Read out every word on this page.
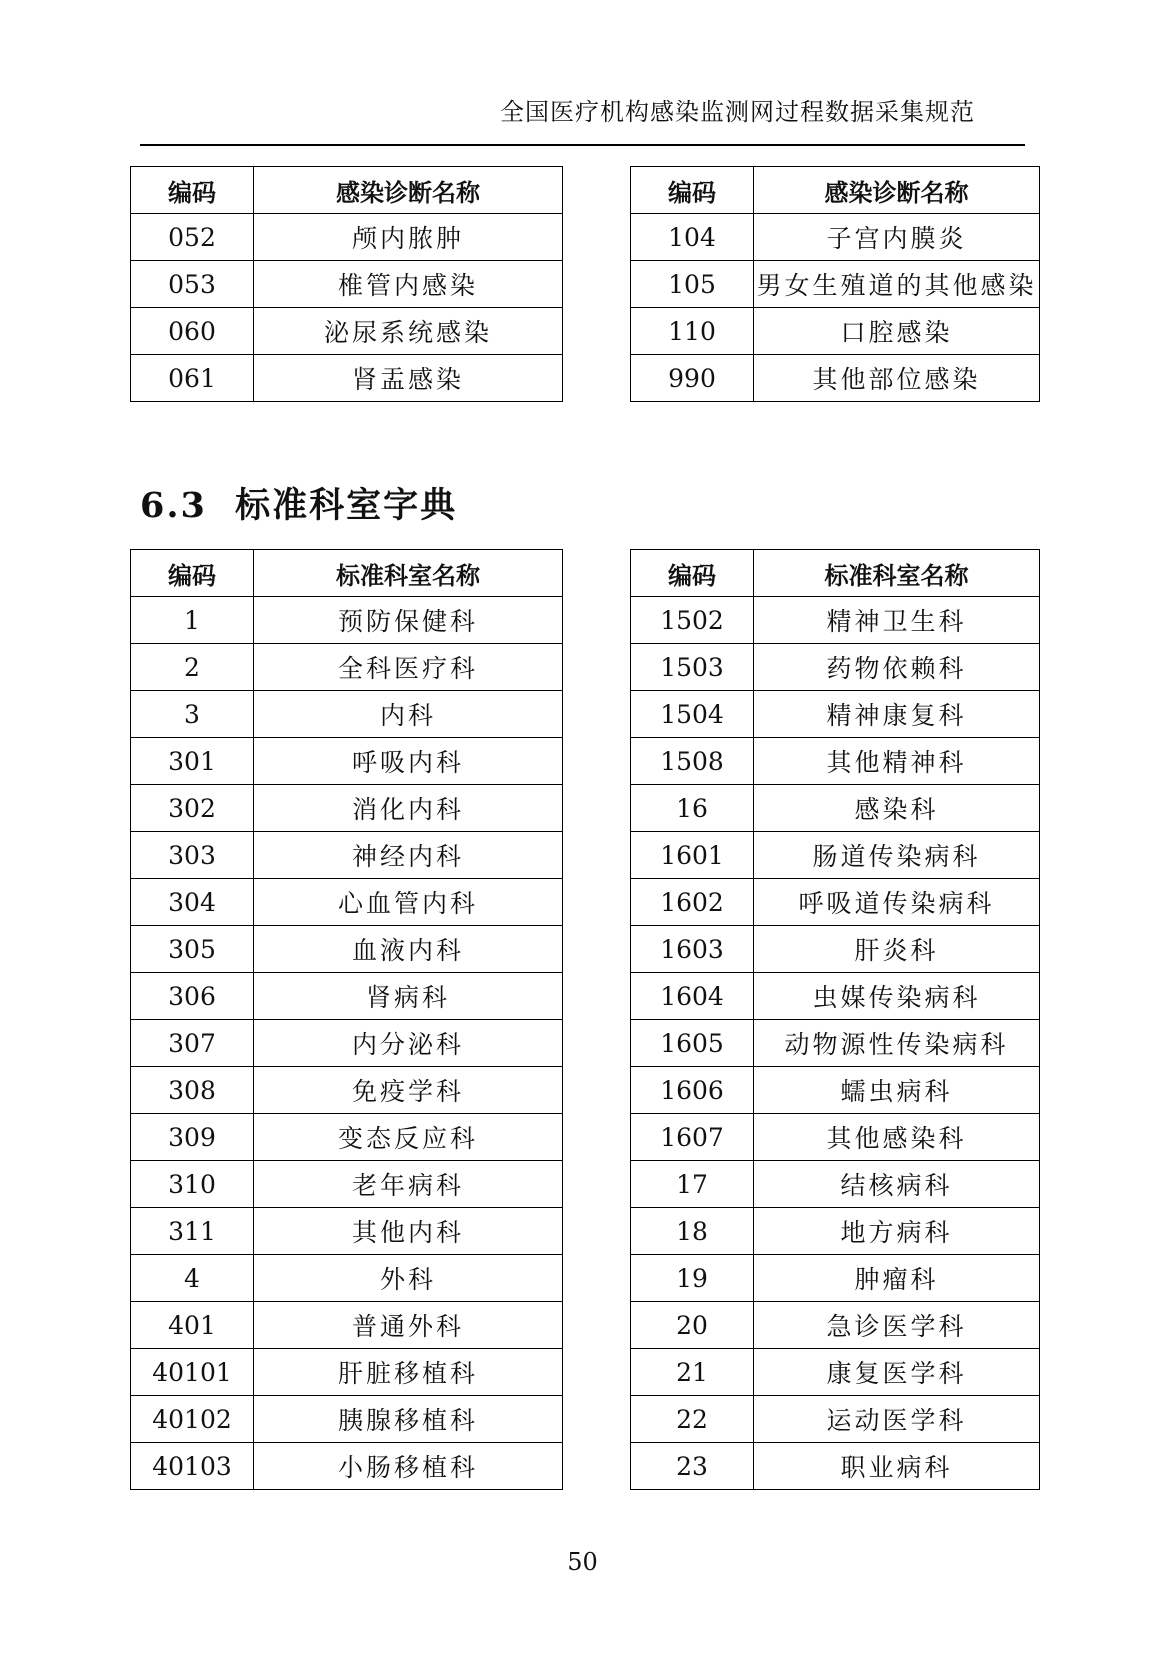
全国医疗机构感染监测网过程数据采集规范
编码	感染诊断名称
052	颅内脓肿
053	椎管内感染
060	泌尿系统感染
061	肾盂感染
编码	感染诊断名称
104	子宫内膜炎
105	男女生殖道的其他感染
110	口腔感染
990	其他部位感染
6.3 标准科室字典
编码	标准科室名称
1	预防保健科
2	全科医疗科
3	内科
301	呼吸内科
302	消化内科
303	神经内科
304	心血管内科
305	血液内科
306	肾病科
307	内分泌科
308	免疫学科
309	变态反应科
310	老年病科
311	其他内科
4	外科
401	普通外科
40101	肝脏移植科
40102	胰腺移植科
40103	小肠移植科
编码	标准科室名称
1502	精神卫生科
1503	药物依赖科
1504	精神康复科
1508	其他精神科
16	感染科
1601	肠道传染病科
1602	呼吸道传染病科
1603	肝炎科
1604	虫媒传染病科
1605	动物源性传染病科
1606	蠕虫病科
1607	其他感染科
17	结核病科
18	地方病科
19	肿瘤科
20	急诊医学科
21	康复医学科
22	运动医学科
23	职业病科
50
